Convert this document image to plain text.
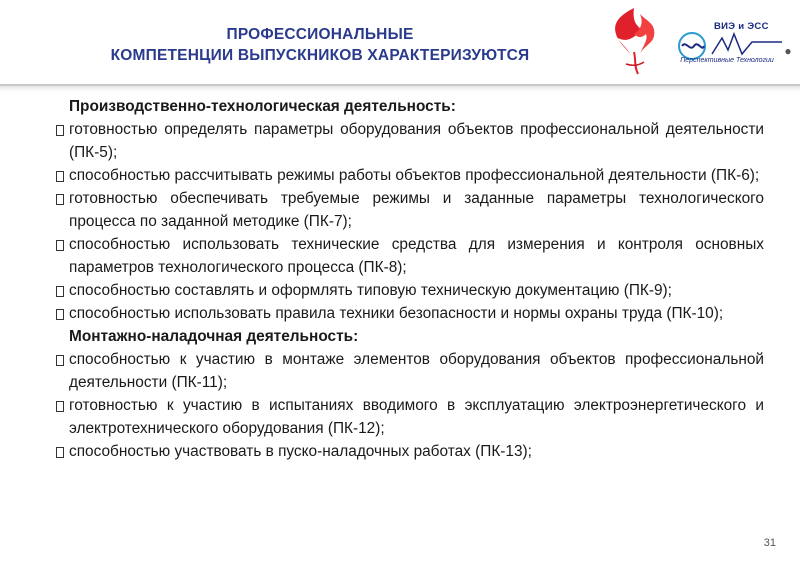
ПРОФЕССИОНАЛЬНЫЕ
КОМПЕТЕНЦИИ ВЫПУСКНИКОВ ХАРАКТЕРИЗУЮТСЯ
ВИЭ и ЭСС
Перспективные Технологии
●
Производственно-технологическая деятельность:
готовностью определять параметры оборудования объектов профессиональной деятельности (ПК-5);
способностью рассчитывать режимы работы объектов профессиональной деятельности (ПК-6);
готовностью обеспечивать требуемые режимы и заданные параметры технологического процесса по заданной методике (ПК-7);
способностью использовать технические средства для измерения и контроля основных параметров технологического процесса (ПК-8);
способностью составлять и оформлять типовую техническую документацию (ПК-9);
способностью использовать правила техники безопасности и нормы охраны труда (ПК-10);
Монтажно-наладочная деятельность:
способностью к участию в монтаже элементов оборудования объектов профессиональной деятельности (ПК-11);
готовностью к участию в испытаниях вводимого в эксплуатацию электроэнергетического и электротехнического оборудования (ПК-12);
способностью участвовать в пуско-наладочных работах (ПК-13);
31
